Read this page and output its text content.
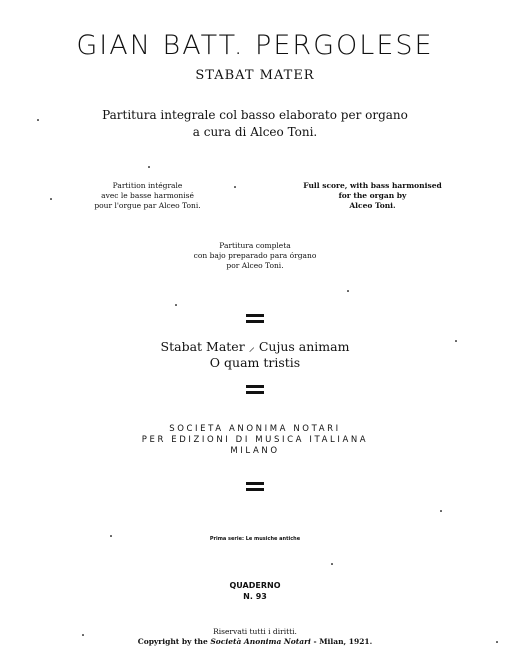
GIAN BATT. PERGOLESE
STABAT MATER
Partitura integrale col basso elaborato per organo
a cura di Alceo Toni.
Partition intégrale
avec le basse harmonisé
pour l'orgue par Alceo Toni.
Full score, with bass harmonised
for the organ by
Alceo Toni.
Partitura completa
con bajo preparado para órgano
por Alceo Toni.
Stabat Mater ⸝ Cujus animam
O quam tristis
SOCIETA ANONIMA NOTARI
PER EDIZIONI DI MUSICA ITALIANA
MILANO
Prima serie: Le musiche antiche
QUADERNO
N. 93
Riservati tutti i diritti.
Copyright by the Società Anonima Notari - Milan, 1921.
